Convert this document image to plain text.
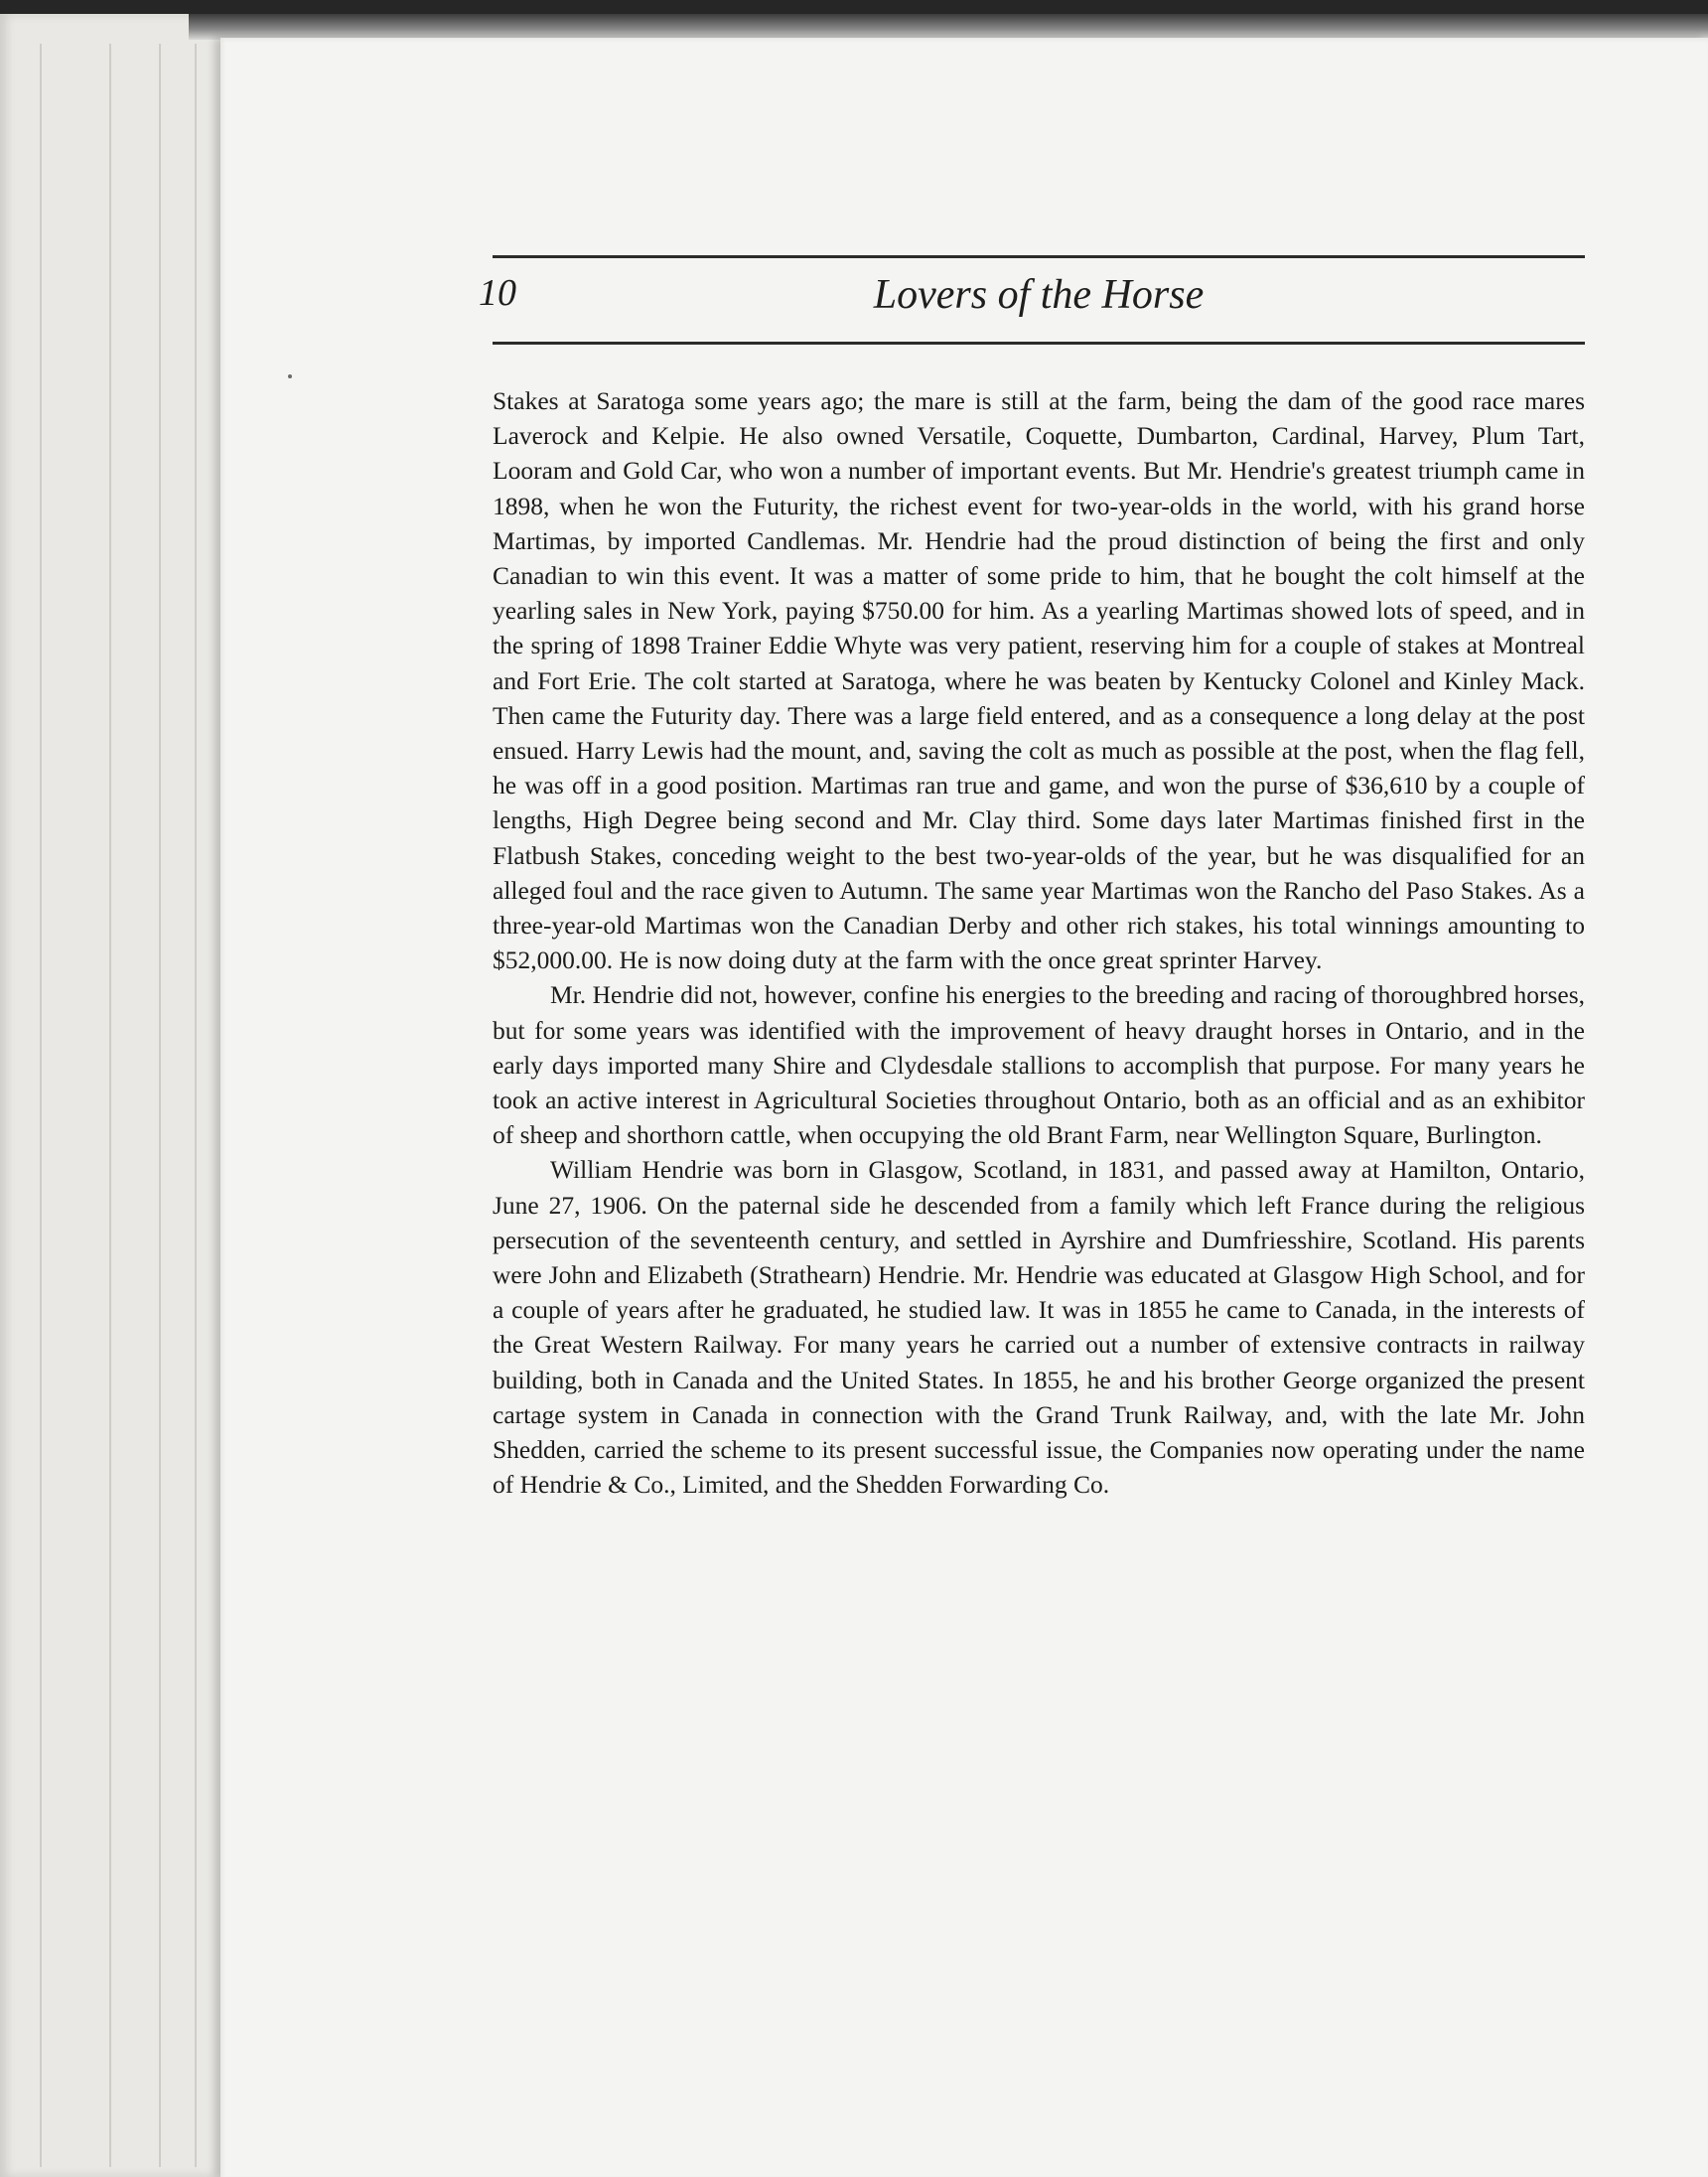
10	Lovers of the Horse

Stakes at Saratoga some years ago; the mare is still at the farm, being the dam of the good race mares Laverock and Kelpie. He also owned Versatile, Coquette, Dumbarton, Cardinal, Harvey, Plum Tart, Looram and Gold Car, who won a number of important events. But Mr. Hendrie's greatest triumph came in 1898, when he won the Futurity, the richest event for two-year-olds in the world, with his grand horse Martimas, by imported Candlemas. Mr. Hendrie had the proud distinction of being the first and only Canadian to win this event. It was a matter of some pride to him, that he bought the colt himself at the yearling sales in New York, paying $750.00 for him. As a yearling Martimas showed lots of speed, and in the spring of 1898 Trainer Eddie Whyte was very patient, reserving him for a couple of stakes at Montreal and Fort Erie. The colt started at Saratoga, where he was beaten by Kentucky Colonel and Kinley Mack. Then came the Futurity day. There was a large field entered, and as a consequence a long delay at the post ensued. Harry Lewis had the mount, and, saving the colt as much as possible at the post, when the flag fell, he was off in a good position. Martimas ran true and game, and won the purse of $36,610 by a couple of lengths, High Degree being second and Mr. Clay third. Some days later Martimas finished first in the Flatbush Stakes, conceding weight to the best two-year-olds of the year, but he was disqualified for an alleged foul and the race given to Autumn. The same year Martimas won the Rancho del Paso Stakes. As a three-year-old Martimas won the Canadian Derby and other rich stakes, his total winnings amounting to $52,000.00. He is now doing duty at the farm with the once great sprinter Harvey.

Mr. Hendrie did not, however, confine his energies to the breeding and racing of thoroughbred horses, but for some years was identified with the improvement of heavy draught horses in Ontario, and in the early days imported many Shire and Clydesdale stallions to accomplish that purpose. For many years he took an active interest in Agricultural Societies throughout Ontario, both as an official and as an exhibitor of sheep and shorthorn cattle, when occupying the old Brant Farm, near Wellington Square, Burlington.

William Hendrie was born in Glasgow, Scotland, in 1831, and passed away at Hamilton, Ontario, June 27, 1906. On the paternal side he descended from a family which left France during the religious persecution of the seventeenth century, and settled in Ayrshire and Dumfriesshire, Scotland. His parents were John and Elizabeth (Strathearn) Hendrie. Mr. Hendrie was educated at Glasgow High School, and for a couple of years after he graduated, he studied law. It was in 1855 he came to Canada, in the interests of the Great Western Railway. For many years he carried out a number of extensive contracts in railway building, both in Canada and the United States. In 1855, he and his brother George organized the present cartage system in Canada in connection with the Grand Trunk Railway, and, with the late Mr. John Shedden, carried the scheme to its present successful issue, the Companies now operating under the name of Hendrie & Co., Limited, and the Shedden Forwarding Co.
